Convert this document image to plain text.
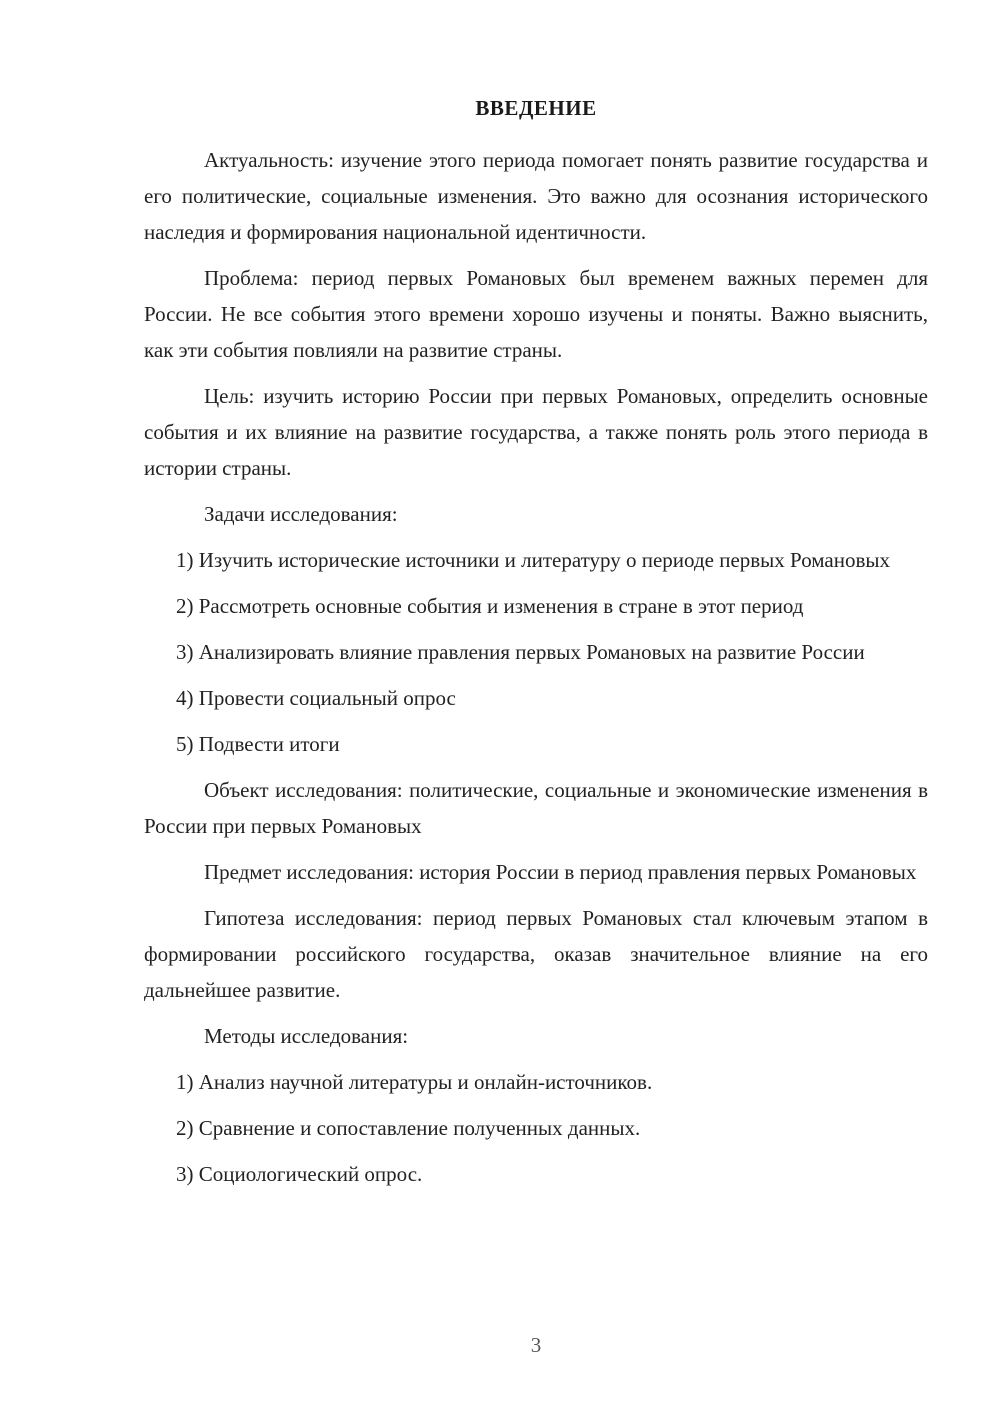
ВВЕДЕНИЕ

Актуальность: изучение этого периода помогает понять развитие государства и его политические, социальные изменения. Это важно для осознания исторического наследия и формирования национальной идентичности.

Проблема: период первых Романовых был временем важных перемен для России. Не все события этого времени хорошо изучены и поняты. Важно выяснить, как эти события повлияли на развитие страны.

Цель: изучить историю России при первых Романовых, определить основные события и их влияние на развитие государства, а также понять роль этого периода в истории страны.

Задачи исследования:

1) Изучить исторические источники и литературу о периоде первых Романовых

2) Рассмотреть основные события и изменения в стране в этот период

3) Анализировать влияние правления первых Романовых на развитие России

4) Провести социальный опрос

5) Подвести итоги

Объект исследования: политические, социальные и экономические изменения в России при первых Романовых

Предмет исследования: история России в период правления первых Романовых

Гипотеза исследования: период первых Романовых стал ключевым этапом в формировании российского государства, оказав значительное влияние на его дальнейшее развитие.

Методы исследования:

1) Анализ научной литературы и онлайн-источников.

2) Сравнение и сопоставление полученных данных.

3) Социологический опрос.

3
